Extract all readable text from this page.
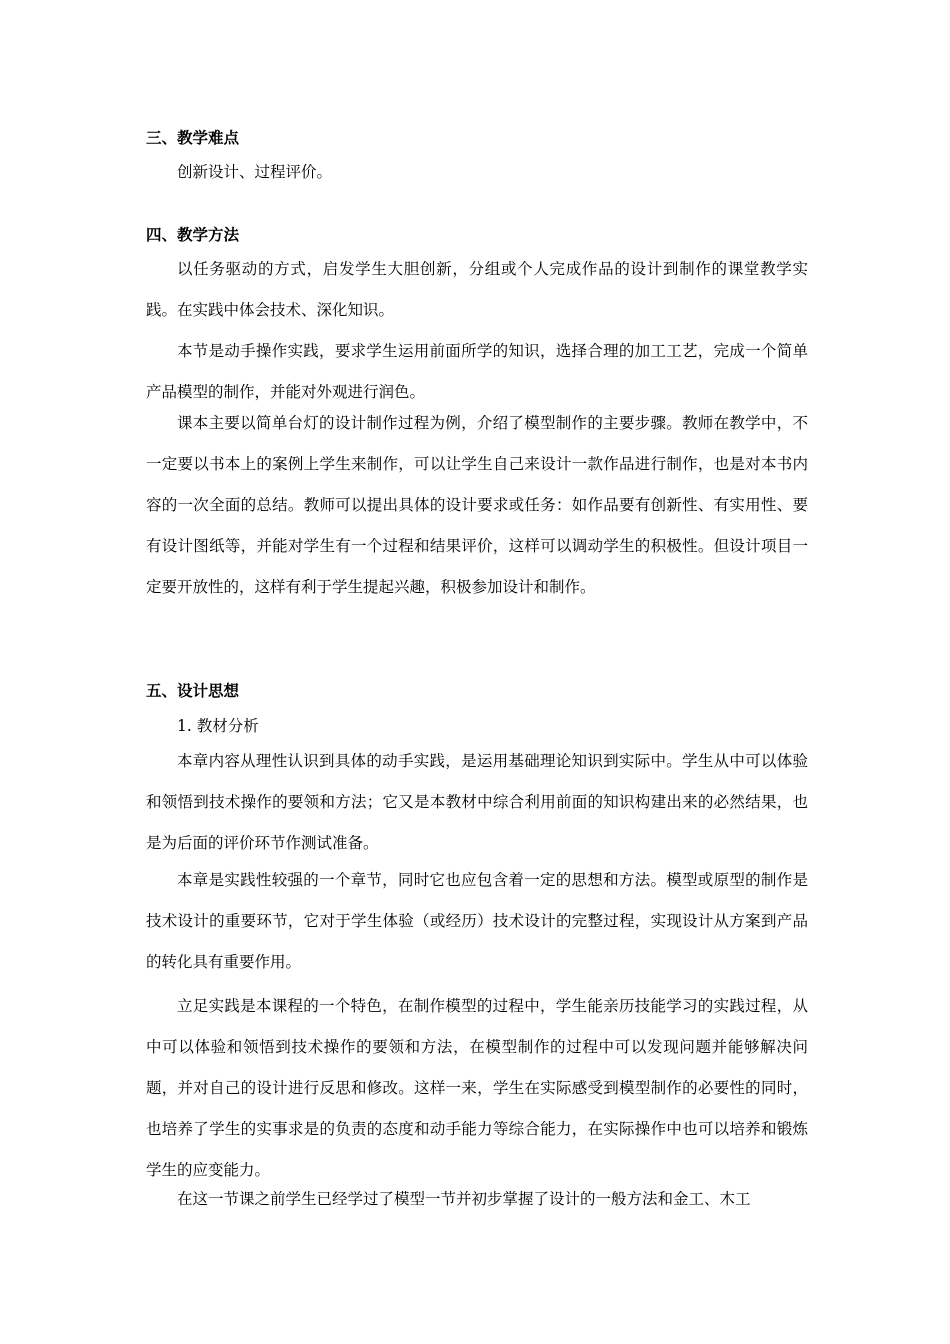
三、教学难点
创新设计、过程评价。
四、教学方法

以任务驱动的方式，启发学生大胆创新，分组或个人完成作品的设计到制作的课堂教学实践。在实践中体会技术、深化知识。

本节是动手操作实践，要求学生运用前面所学的知识，选择合理的加工工艺，完成一个简单产品模型的制作，并能对外观进行润色。

课本主要以简单台灯的设计制作过程为例，介绍了模型制作的主要步骤。教师在教学中，不一定要以书本上的案例上学生来制作，可以让学生自己来设计一款作品进行制作，也是对本书内容的一次全面的总结。教师可以提出具体的设计要求或任务：如作品要有创新性、有实用性、要有设计图纸等，并能对学生有一个过程和结果评价，这样可以调动学生的积极性。但设计项目一定要开放性的，这样有利于学生提起兴趣，积极参加设计和制作。

五、设计思想
1. 教材分析

本章内容从理性认识到具体的动手实践，是运用基础理论知识到实际中。学生从中可以体验和领悟到技术操作的要领和方法；它又是本教材中综合利用前面的知识构建出来的必然结果，也是为后面的评价环节作测试准备。

本章是实践性较强的一个章节，同时它也应包含着一定的思想和方法。模型或原型的制作是技术设计的重要环节，它对于学生体验（或经历）技术设计的完整过程，实现设计从方案到产品的转化具有重要作用。

立足实践是本课程的一个特色，在制作模型的过程中，学生能亲历技能学习的实践过程，从中可以体验和领悟到技术操作的要领和方法，在模型制作的过程中可以发现问题并能够解决问题，并对自己的设计进行反思和修改。这样一来，学生在实际感受到模型制作的必要性的同时，也培养了学生的实事求是的负责的态度和动手能力等综合能力，在实际操作中也可以培养和锻炼学生的应变能力。

在这一节课之前学生已经学过了模型一节并初步掌握了设计的一般方法和金工、木工
